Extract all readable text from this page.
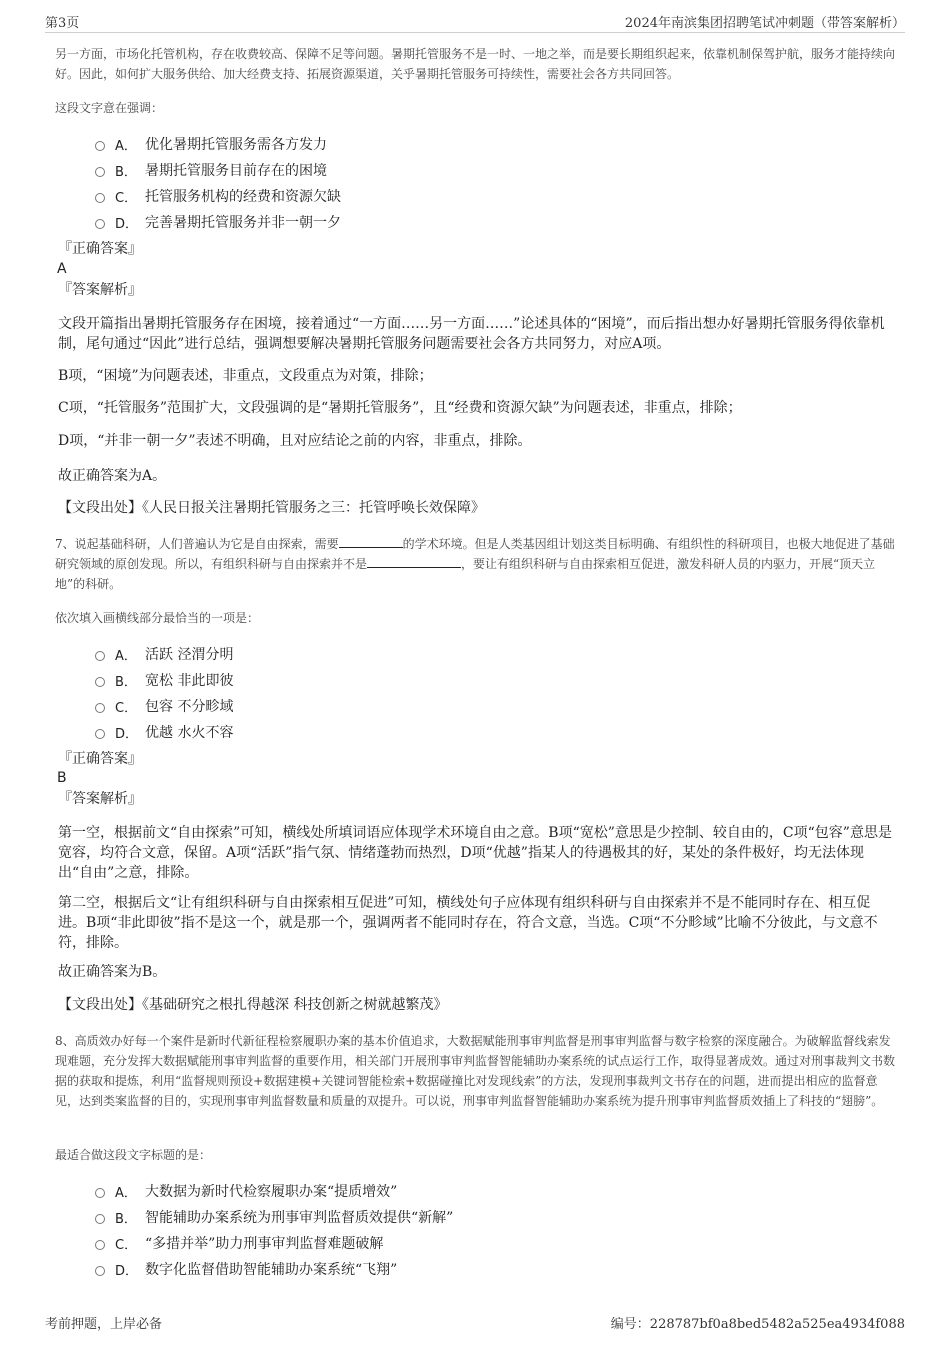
第3页	2024年南滨集团招聘笔试冲刺题（带答案解析）
另一方面，市场化托管机构，存在收费较高、保障不足等问题。暑期托管服务不是一时、一地之举，而是要长期组织起来，依靠机制保驾护航，服务才能持续向好。因此，如何扩大服务供给、加大经费支持、拓展资源渠道，关乎暑期托管服务可持续性，需要社会各方共同回答。
这段文字意在强调：
A． 优化暑期托管服务需各方发力
B． 暑期托管服务目前存在的困境
C． 托管服务机构的经费和资源欠缺
D． 完善暑期托管服务并非一朝一夕
『正确答案』
A
『答案解析』
文段开篇指出暑期托管服务存在困境，接着通过“一方面……另一方面……”论述具体的“困境”，而后指出想办好暑期托管服务得依靠机制，尾句通过“因此”进行总结，强调想要解决暑期托管服务问题需要社会各方共同努力，对应A项。
B项，“困境”为问题表述，非重点，文段重点为对策，排除；
C项，“托管服务”范围扩大，文段强调的是“暑期托管服务”，且“经费和资源欠缺”为问题表述，非重点，排除；
D项，“并非一朝一夕”表述不明确，且对应结论之前的内容，非重点，排除。
故正确答案为A。
【文段出处】《人民日报关注暑期托管服务之三：托管呼唤长效保障》
7、说起基础科研，人们普遍认为它是自由探索，需要	的学术环境。但是人类基因组计划这类目标明确、有组织性的科研项目，也极大地促进了基础研究领域的原创发现。所以，有组织科研与自由探索并不是	，要让有组织科研与自由探索相互促进，激发科研人员的内驱力，开展“顶天立地”的科研。
依次填入画横线部分最恰当的一项是：
A． 活跃 泾渭分明
B． 宽松 非此即彼
C． 包容 不分畛域
D． 优越 水火不容
『正确答案』
B
『答案解析』
第一空，根据前文“自由探索”可知，横线处所填词语应体现学术环境自由之意。B项“宽松”意思是少控制、较自由的，C项“包容”意思是宽容，均符合文意，保留。A项“活跃”指气氛、情绪蓬勃而热烈，D项“优越”指某人的待遇极其的好，某处的条件极好，均无法体现出“自由”之意，排除。
第二空，根据后文“让有组织科研与自由探索相互促进”可知，横线处句子应体现有组织科研与自由探索并不是不能同时存在、相互促进。B项“非此即彼”指不是这一个，就是那一个，强调两者不能同时存在，符合文意，当选。C项“不分畛域”比喻不分彼此，与文意不符，排除。
故正确答案为B。
【文段出处】《基础研究之根扎得越深 科技创新之树就越繁茂》
8、高质效办好每一个案件是新时代新征程检察履职办案的基本价值追求，大数据赋能刑事审判监督是刑事审判监督与数字检察的深度融合。为破解监督线索发现难题，充分发挥大数据赋能刑事审判监督的重要作用，相关部门开展刑事审判监督智能辅助办案系统的试点运行工作，取得显著成效。通过对刑事裁判文书数据的获取和提炼，利用“监督规则预设+数据建模+关键词智能检索+数据碰撞比对发现线索”的方法，发现刑事裁判文书存在的问题，进而提出相应的监督意见，达到类案监督的目的，实现刑事审判监督数量和质量的双提升。可以说，刑事审判监督智能辅助办案系统为提升刑事审判监督质效插上了科技的“翅膀”。
最适合做这段文字标题的是：
A． 大数据为新时代检察履职办案“提质增效”
B． 智能辅助办案系统为刑事审判监督质效提供“新解”
C． “多措并举”助力刑事审判监督难题破解
D． 数字化监督借助智能辅助办案系统“飞翔”
考前押题，上岸必备	编号：228787bf0a8bed5482a525ea4934f088
